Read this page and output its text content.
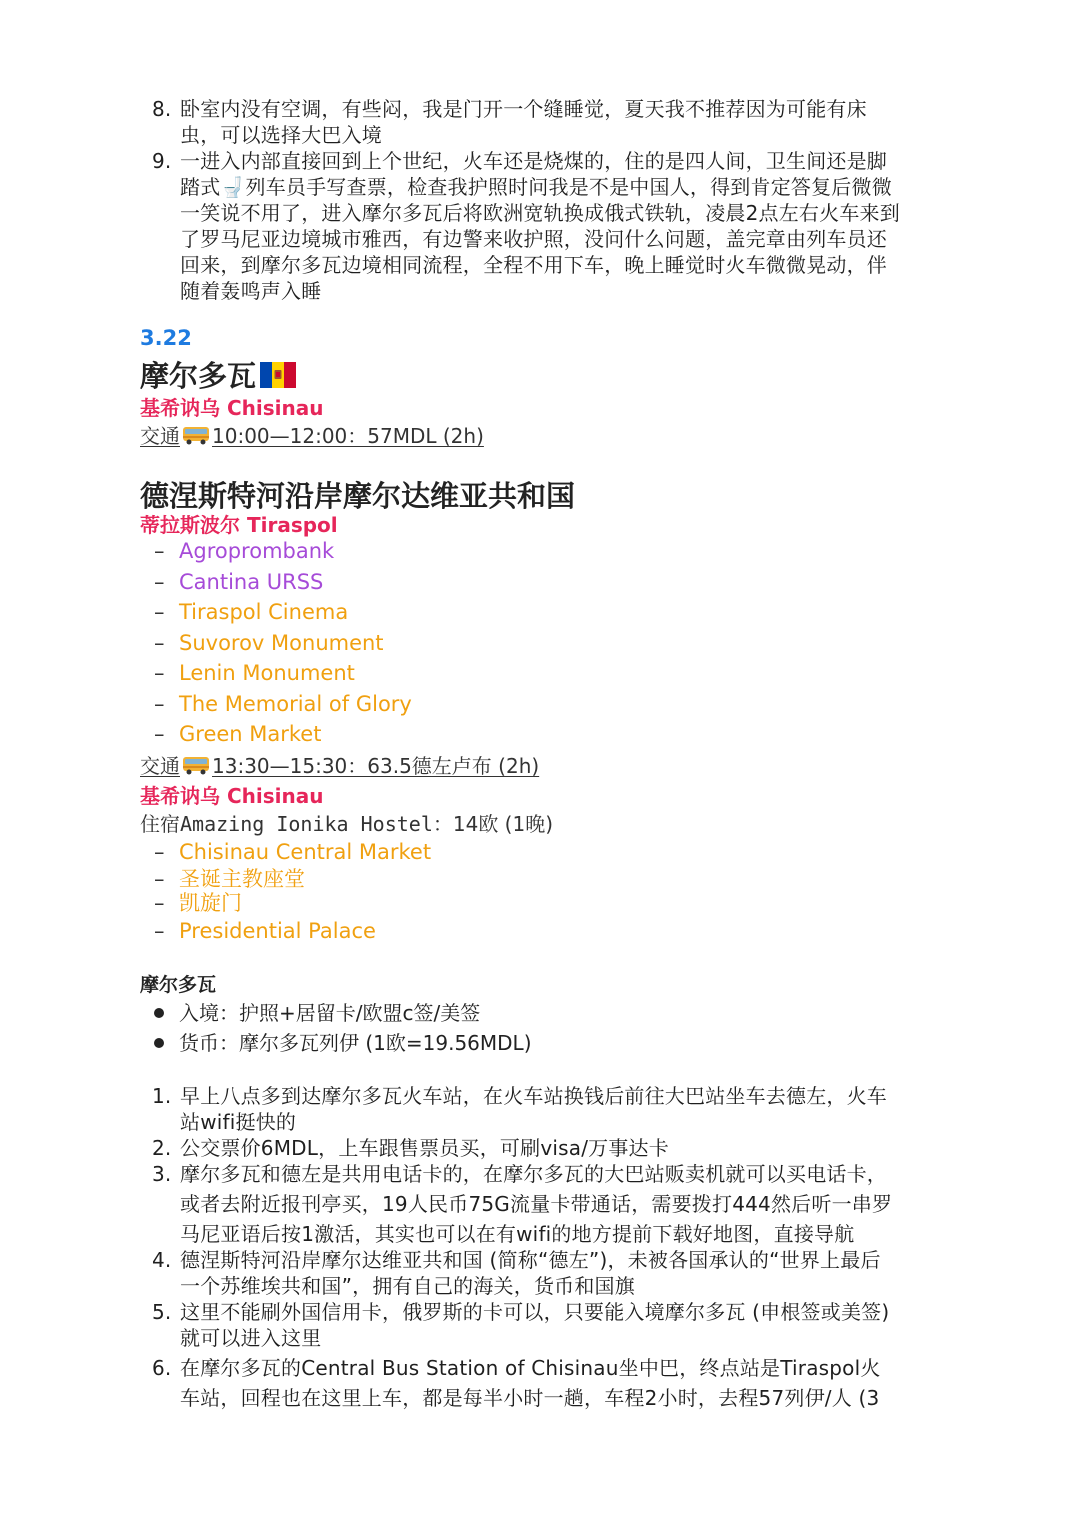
8. 卧室内没有空调，有些闷，我是门开一个缝睡觉，夏天我不推荐因为可能有床
虫，可以选择大巴入境
9. 一进入内部直接回到上个世纪，火车还是烧煤的，住的是四人间，卫生间还是脚
踏式🚽列车员手写查票，检查我护照时问我是不是中国人，得到肯定答复后微微
一笑说不用了，进入摩尔多瓦后将欧洲宽轨换成俄式铁轨，凌晨2点左右火车来到
了罗马尼亚边境城市雅西，有边警来收护照，没问什么问题，盖完章由列车员还
回来，到摩尔多瓦边境相同流程，全程不用下车，晚上睡觉时火车微微晃动，伴
随着轰鸣声入睡
3.22
摩尔多瓦
基希讷乌 Chisinau
交通 10:00—12:00：57MDL (2h)
德涅斯特河沿岸摩尔达维亚共和国
蒂拉斯波尔 Tiraspol
– Agroprombank
– Cantina URSS
– Tiraspol Cinema
– Suvorov Monument
– Lenin Monument
– The Memorial of Glory
– Green Market
交通 13:30—15:30：63.5德左卢布 (2h)
基希讷乌 Chisinau
住宿Amazing Ionika Hostel：14欧 (1晚)
– Chisinau Central Market
– 圣诞主教座堂
– 凯旋门
– Presidential Palace
摩尔多瓦
入境：护照+居留卡/欧盟c签/美签
货币：摩尔多瓦列伊 (1欧=19.56MDL)
1. 早上八点多到达摩尔多瓦火车站，在火车站换钱后前往大巴站坐车去德左，火车
站wifi挺快的
2. 公交票价6MDL，上车跟售票员买，可刷visa/万事达卡
3. 摩尔多瓦和德左是共用电话卡的，在摩尔多瓦的大巴站贩卖机就可以买电话卡，
或者去附近报刊亭买，19人民币75G流量卡带通话，需要拨打444然后听一串罗
马尼亚语后按1激活，其实也可以在有wifi的地方提前下载好地图，直接导航
4. 德涅斯特河沿岸摩尔达维亚共和国 (简称“德左”)，未被各国承认的“世界上最后
一个苏维埃共和国”，拥有自己的海关，货币和国旗
5. 这里不能刷外国信用卡，俄罗斯的卡可以，只要能入境摩尔多瓦 (申根签或美签)
就可以进入这里
6. 在摩尔多瓦的Central Bus Station of Chisinau坐中巴，终点站是Tiraspol火
车站，回程也在这里上车，都是每半小时一趟，车程2小时，去程57列伊/人 (3
